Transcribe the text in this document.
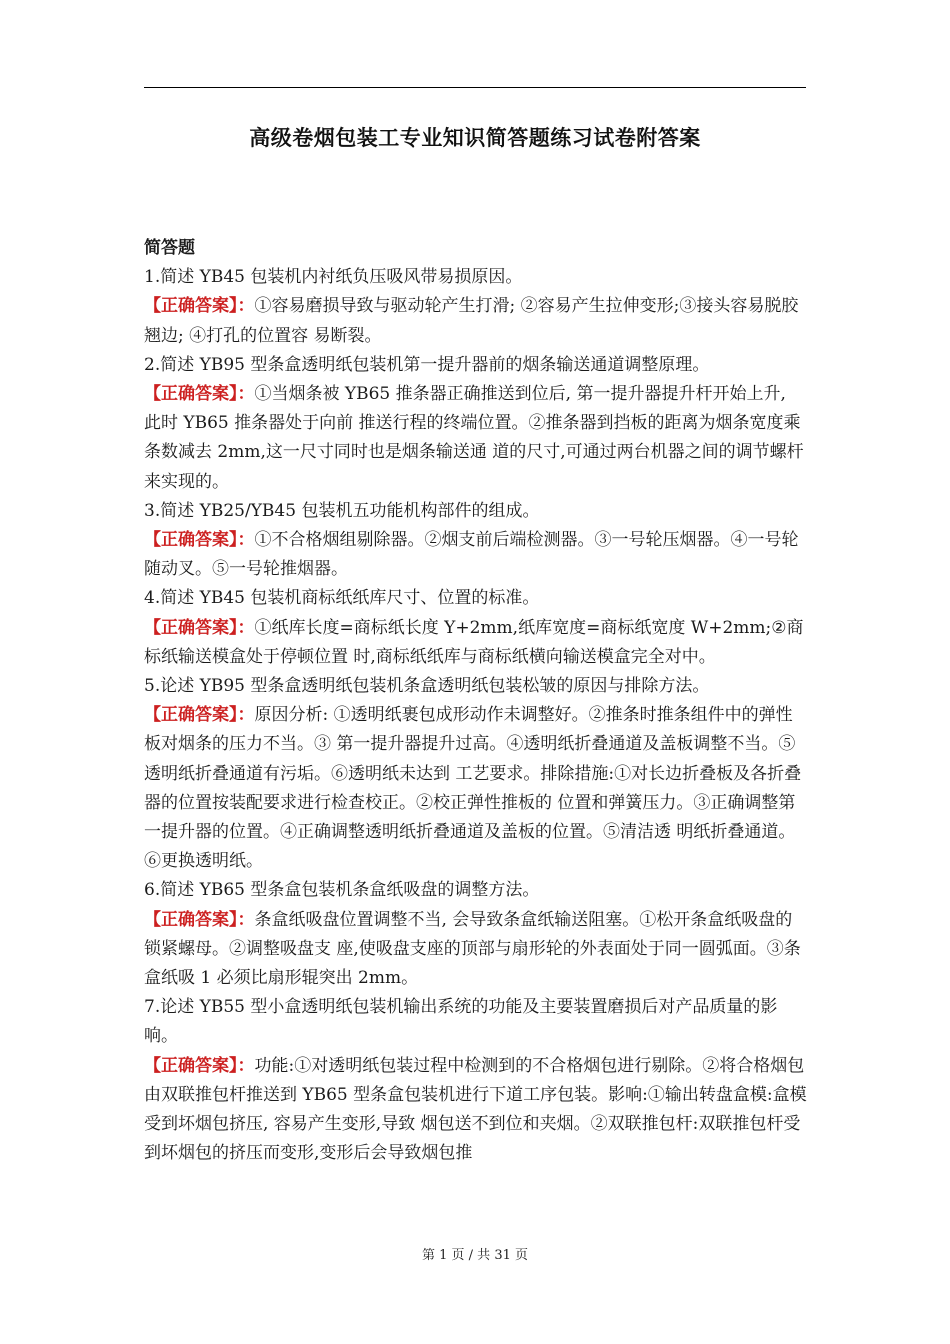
高级卷烟包装工专业知识简答题练习试卷附答案

简答题

1.简述 YB45 包装机内衬纸负压吸风带易损原因。

【正确答案】：①容易磨损导致与驱动轮产生打滑; ②容易产生拉伸变形;③接头容易脱胶翘边; ④打孔的位置容 易断裂。

2.简述 YB95 型条盒透明纸包装机第一提升器前的烟条输送通道调整原理。

【正确答案】：①当烟条被 YB65 推条器正确推送到位后, 第一提升器提升杆开始上升, 此时 YB65 推条器处于向前 推送行程的终端位置。②推条器到挡板的距离为烟条宽度乘条数减去 2mm,这一尺寸同时也是烟条输送通 道的尺寸,可通过两台机器之间的调节螺杆来实现的。

3.简述 YB25/YB45 包装机五功能机构部件的组成。

【正确答案】：①不合格烟组剔除器。②烟支前后端检测器。③一号轮压烟器。④一号轮随动叉。⑤一号轮推烟器。

4.简述 YB45 包装机商标纸纸库尺寸、位置的标准。

【正确答案】：①纸库长度=商标纸长度 Y+2mm,纸库宽度=商标纸宽度 W+2mm;②商标纸输送模盒处于停顿位置 时,商标纸纸库与商标纸横向输送模盒完全对中。

5.论述 YB95 型条盒透明纸包装机条盒透明纸包装松皱的原因与排除方法。

【正确答案】：原因分析: ①透明纸裹包成形动作未调整好。②推条时推条组件中的弹性板对烟条的压力不当。③ 第一提升器提升过高。④透明纸折叠通道及盖板调整不当。⑤透明纸折叠通道有污垢。⑥透明纸未达到 工艺要求。排除措施:①对长边折叠板及各折叠器的位置按装配要求进行检查校正。②校正弹性推板的 位置和弹簧压力。③正确调整第一提升器的位置。④正确调整透明纸折叠通道及盖板的位置。⑤清洁透 明纸折叠通道。⑥更换透明纸。

6.简述 YB65 型条盒包装机条盒纸吸盘的调整方法。

【正确答案】：条盒纸吸盘位置调整不当, 会导致条盒纸输送阻塞。①松开条盒纸吸盘的锁紧螺母。②调整吸盘支 座,使吸盘支座的顶部与扇形轮的外表面处于同一圆弧面。③条盒纸吸 1 必须比扇形辊突出 2mm。

7.论述 YB55 型小盒透明纸包装机输出系统的功能及主要装置磨损后对产品质量的影响。

【正确答案】：功能:①对透明纸包装过程中检测到的不合格烟包进行剔除。②将合格烟包由双联推包杆推送到 YB65 型条盒包装机进行下道工序包装。影响:①输出转盘盒模:盒模受到坏烟包挤压, 容易产生变形,导致 烟包送不到位和夹烟。②双联推包杆:双联推包杆受到坏烟包的挤压而变形,变形后会导致烟包推

第 1 页 / 共 31 页
